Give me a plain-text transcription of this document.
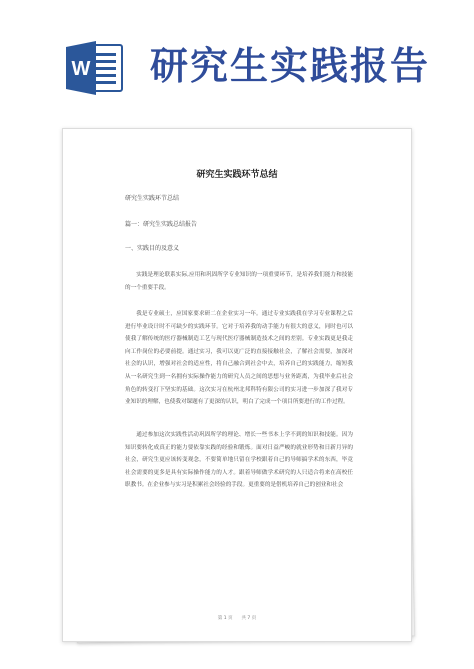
W 研究生实践报告
研究生实践环节总结
研究生实践环节总结
篇一：研究生实践总结报告
一、实践目的及意义

实践是理论联系实际,应用和巩固所学专业知识的一项重要环节，是培养我们能力和技能的一个重要手段。

我是专业硕士，应国家要求研二在企业实习一年。通过专业实践我在学习专业课程之后进行毕业设计时不可缺少的实践环节。它对于培养我的动手能力有很大的意义，同时也可以使我了解传统的医疗器械制造工艺与现代医疗器械制造技术之间的差别。专业实践更是我走向工作岗位的必要前提。通过实习，我可以更广泛的直接接触社会，了解社会需要，加深对社会的认识，增强对社会的适应性，将自己融合到社会中去，培养自己的实践能力，缩短我从一名研究生到一名拥有实际操作能力的研究人员之间的思想与业务距离，为我毕业后社会角色的转变打下坚实的基础。这次实习在杭州北邦科特有限公司的实习进一步加深了我对专业知识的理解，也使我对课题有了更深的认识，明白了完成一个项目所要进行的工作过程。

通过参加这次实践性活动巩固所学的理论、增长一些书本上学不到的知识和技能。因为知识要转化成真正的能力要依靠实践的经验和锻炼。面对日益严峻的就业形势和日新月异的社会，研究生更应该转变观念，不要简单地只留在学校跟着自己的导师搞学术的东西，毕竟社会需要的更多是具有实际操作能力的人才。跟着导师做学术研究的人只适合将来在高校任职教书。在企业参与实习是积累社会经验的手段。更重要的是借机培养自己的创业和社会

第 1 页　　共 7 页
